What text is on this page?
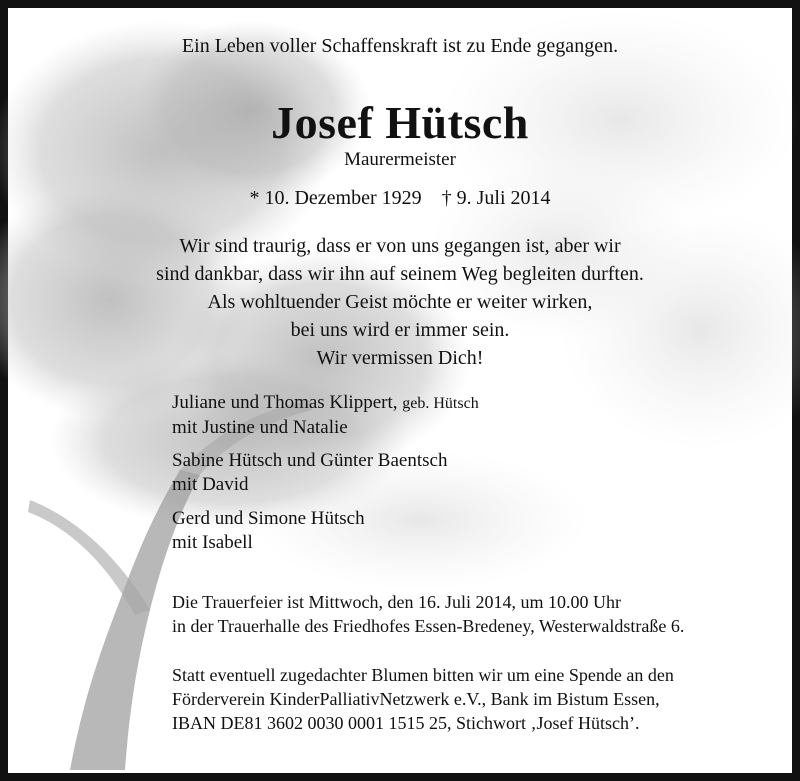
Ein Leben voller Schaffenskraft ist zu Ende gegangen.
Josef Hütsch
Maurermeister
* 10. Dezember 1929    † 9. Juli 2014
Wir sind traurig, dass er von uns gegangen ist, aber wir
sind dankbar, dass wir ihn auf seinem Weg begleiten durften.
Als wohltuender Geist möchte er weiter wirken,
bei uns wird er immer sein.
Wir vermissen Dich!
Juliane und Thomas Klippert, geb. Hütsch
mit Justine und Natalie
Sabine Hütsch und Günter Baentsch
mit David
Gerd und Simone Hütsch
mit Isabell
Die Trauerfeier ist Mittwoch, den 16. Juli 2014, um 10.00 Uhr
in der Trauerhalle des Friedhofes Essen-Bredeney, Westerwaldstraße 6.
Statt eventuell zugedachter Blumen bitten wir um eine Spende an den
Förderverein KinderPalliativNetzwerk e.V., Bank im Bistum Essen,
IBAN DE81 3602 0030 0001 1515 25, Stichwort ‚Josef Hütsch’.
